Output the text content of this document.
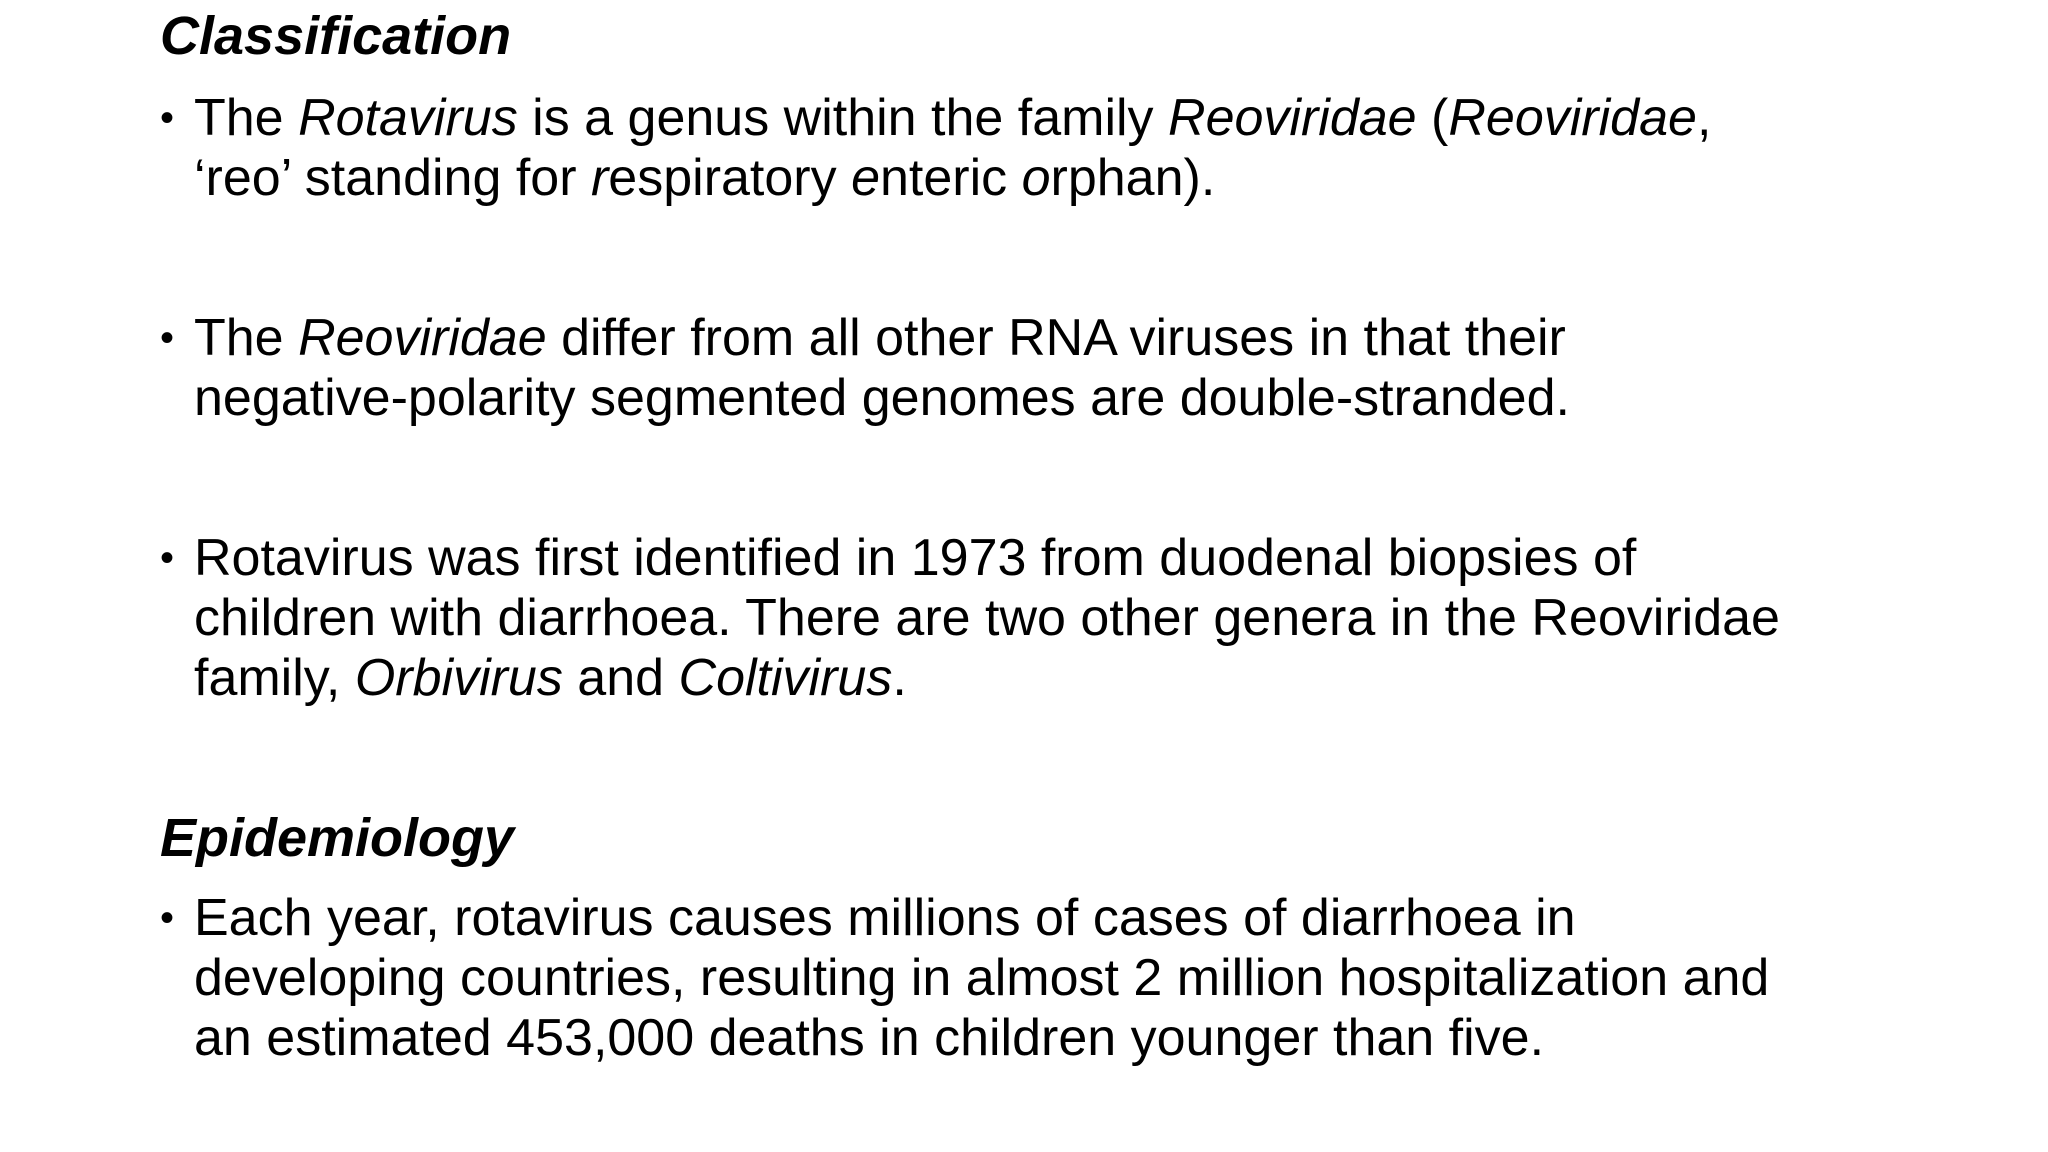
Classification
• The Rotavirus is a genus within the family Reoviridae (Reoviridae,
‘reo’ standing for respiratory enteric orphan).
• The Reoviridae differ from all other RNA viruses in that their
negative-polarity segmented genomes are double-stranded.
• Rotavirus was first identified in 1973 from duodenal biopsies of
children with diarrhoea. There are two other genera in the Reoviridae
family, Orbivirus and Coltivirus.
Epidemiology
• Each year, rotavirus causes millions of cases of diarrhoea in
developing countries, resulting in almost 2 million hospitalization and
an estimated 453,000 deaths in children younger than five.
